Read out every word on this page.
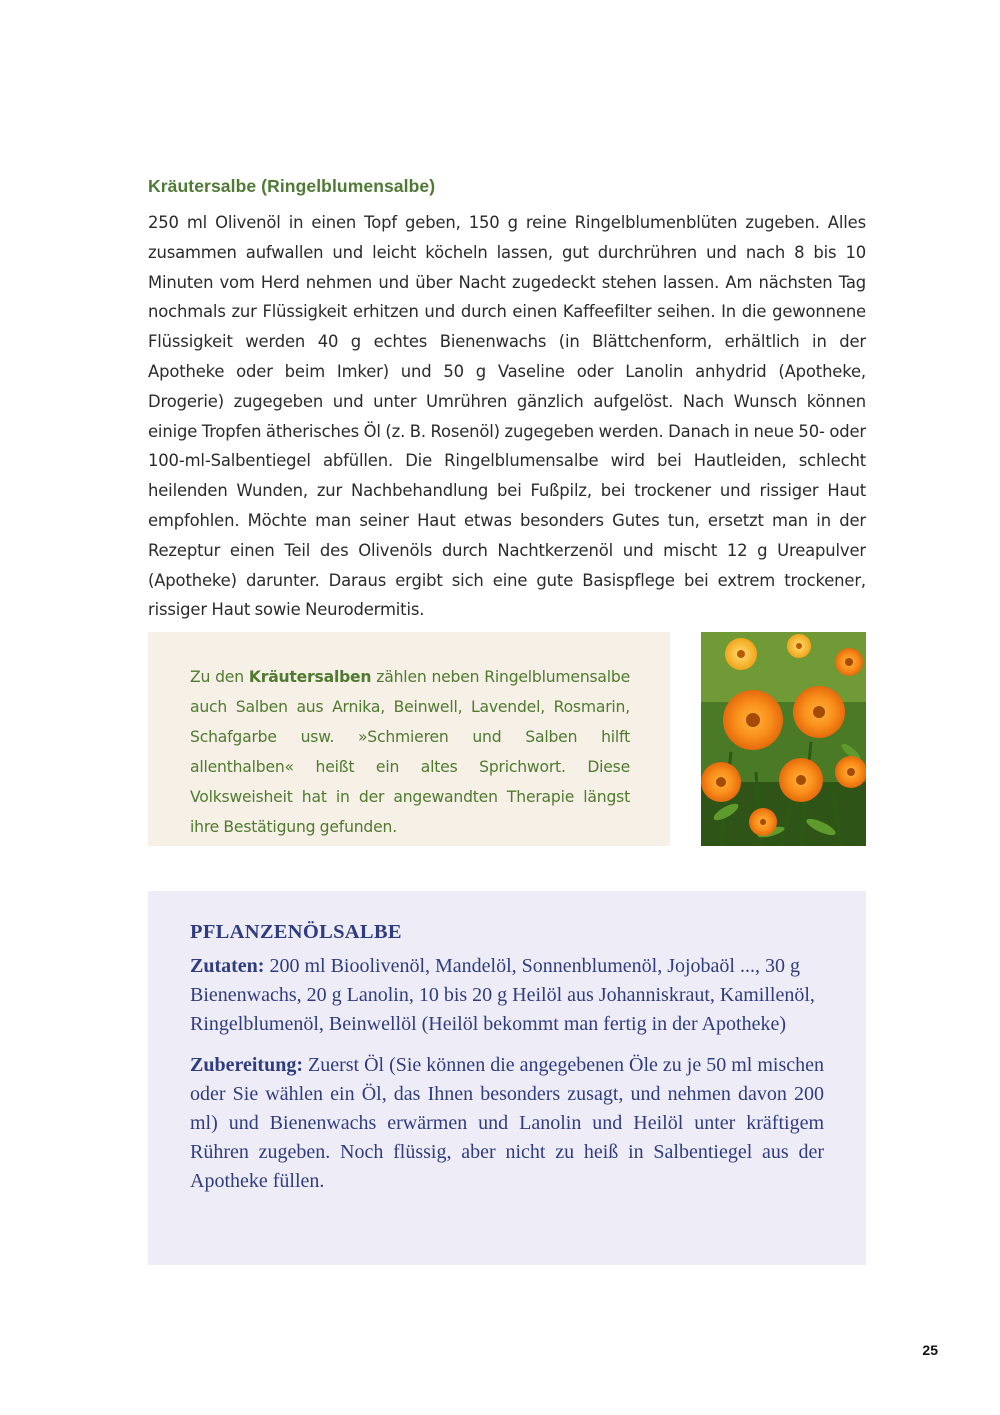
Kräutersalbe (Ringelblumensalbe)

250 ml Olivenöl in einen Topf geben, 150 g reine Ringelblumenblüten zugeben. Alles zusammen aufwallen und leicht köcheln lassen, gut durchrühren und nach 8 bis 10 Minuten vom Herd nehmen und über Nacht zugedeckt stehen lassen. Am nächsten Tag nochmals zur Flüssigkeit erhitzen und durch einen Kaffeefilter seihen. In die gewonnene Flüssigkeit werden 40 g echtes Bienenwachs (in Blättchenform, erhältlich in der Apotheke oder beim Imker) und 50 g Vaseline oder Lanolin anhydrid (Apotheke, Drogerie) zugegeben und unter Umrühren gänzlich aufgelöst. Nach Wunsch können einige Tropfen ätherisches Öl (z. B. Rosenöl) zugegeben werden. Danach in neue 50- oder 100-ml-Salbentiegel abfüllen. Die Ringelblumensalbe wird bei Hautleiden, schlecht heilenden Wunden, zur Nachbehandlung bei Fußpilz, bei trockener und rissiger Haut empfohlen. Möchte man seiner Haut etwas besonders Gutes tun, ersetzt man in der Rezeptur einen Teil des Olivenöls durch Nachtkerzenöl und mischt 12 g Ureapulver (Apotheke) darunter. Daraus ergibt sich eine gute Basispflege bei extrem trockener, rissiger Haut sowie Neurodermitis.

Zu den Kräutersalben zählen neben Ringelblumensalbe auch Salben aus Arnika, Beinwell, Lavendel, Rosmarin, Schafgarbe usw. »Schmieren und Salben hilft allenthalben« heißt ein altes Sprichwort. Diese Volksweisheit hat in der angewandten Therapie längst ihre Bestätigung gefunden.

PFLANZENÖLSALBE

Zutaten: 200 ml Bioolivenöl, Mandelöl, Sonnenblumenöl, Jojobaöl ..., 30 g Bienenwachs, 20 g Lanolin, 10 bis 20 g Heilöl aus Johanniskraut, Kamillenöl, Ringelblumenöl, Beinwellöl (Heilöl bekommt man fertig in der Apotheke)

Zubereitung: Zuerst Öl (Sie können die angegebenen Öle zu je 50 ml mischen oder Sie wählen ein Öl, das Ihnen besonders zusagt, und nehmen davon 200 ml) und Bienenwachs erwärmen und Lanolin und Heilöl unter kräftigem Rühren zugeben. Noch flüssig, aber nicht zu heiß in Salbentiegel aus der Apotheke füllen.

25
